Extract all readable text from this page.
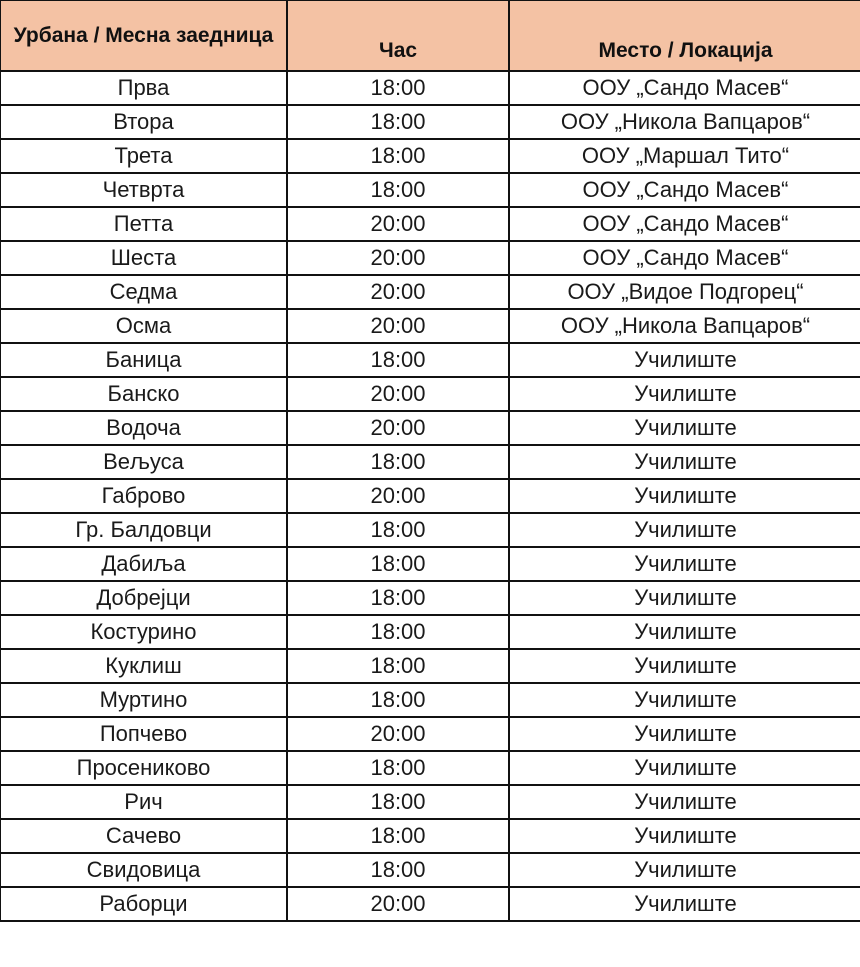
Урбана / Месна заедница	Час	Место / Локација
Прва	18:00	ООУ „Сандо Масев“
Втора	18:00	ООУ „Никола Вапцаров“
Трета	18:00	ООУ „Маршал Тито“
Четврта	18:00	ООУ „Сандо Масев“
Петта	20:00	ООУ „Сандо Масев“
Шеста	20:00	ООУ „Сандо Масев“
Седма	20:00	ООУ „Видое Подгорец“
Осма	20:00	ООУ „Никола Вапцаров“
Баница	18:00	Училиште
Банско	20:00	Училиште
Водоча	20:00	Училиште
Вељуса	18:00	Училиште
Габрово	20:00	Училиште
Гр. Балдовци	18:00	Училиште
Дабиља	18:00	Училиште
Добрејци	18:00	Училиште
Костурино	18:00	Училиште
Куклиш	18:00	Училиште
Муртино	18:00	Училиште
Попчево	20:00	Училиште
Просениково	18:00	Училиште
Рич	18:00	Училиште
Сачево	18:00	Училиште
Свидовица	18:00	Училиште
Раборци	20:00	Училиште
